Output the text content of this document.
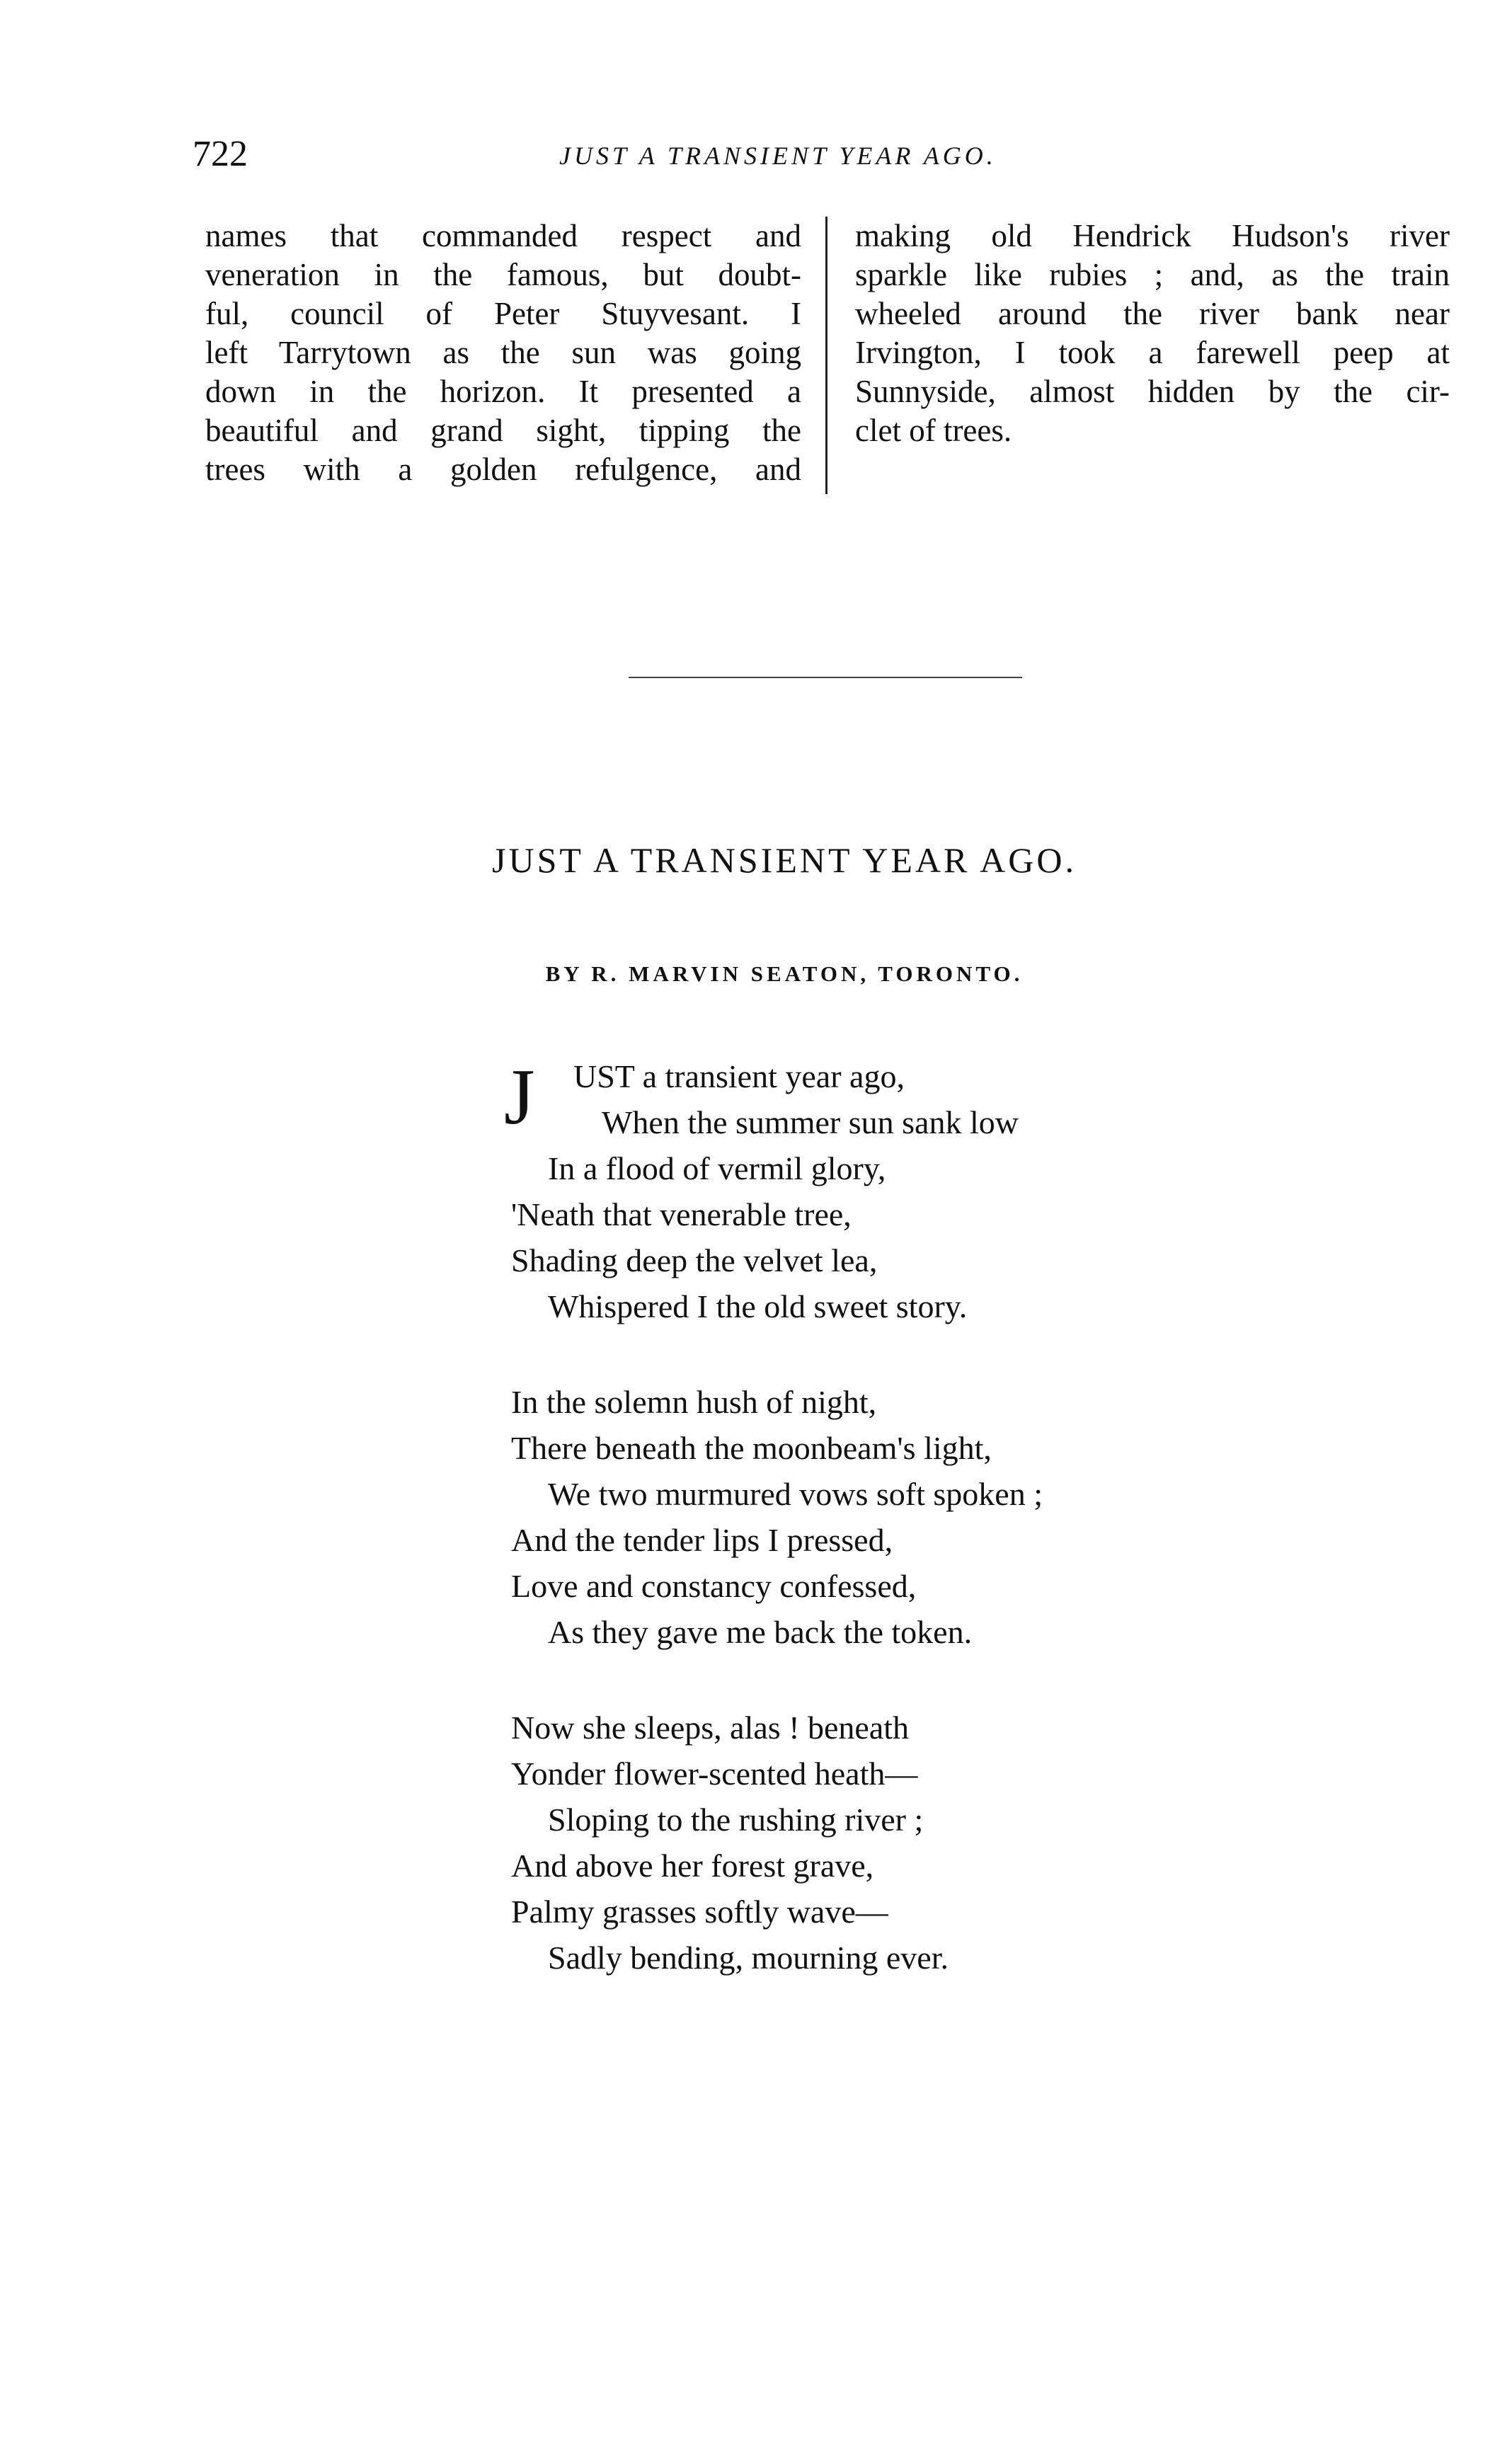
722	JUST A TRANSIENT YEAR AGO.
names that commanded respect and
veneration in the famous, but doubt-
ful, council of Peter Stuyvesant. I
left Tarrytown as the sun was going
down in the horizon. It presented a
beautiful and grand sight, tipping the
trees with a golden refulgence, and
making old Hendrick Hudson's river
sparkle like rubies ; and, as the train
wheeled around the river bank near
Irvington, I took a farewell peep at
Sunnyside, almost hidden by the cir-
clet of trees.
JUST A TRANSIENT YEAR AGO.
BY R. MARVIN SEATON, TORONTO.
J UST a transient year ago,
When the summer sun sank low
In a flood of vermil glory,
'Neath that venerable tree,
Shading deep the velvet lea,
Whispered I the old sweet story.
In the solemn hush of night,
There beneath the moonbeam's light,
We two murmured vows soft spoken ;
And the tender lips I pressed,
Love and constancy confessed,
As they gave me back the token.
Now she sleeps, alas ! beneath
Yonder flower-scented heath—
Sloping to the rushing river ;
And above her forest grave,
Palmy grasses softly wave—
Sadly bending, mourning ever.
